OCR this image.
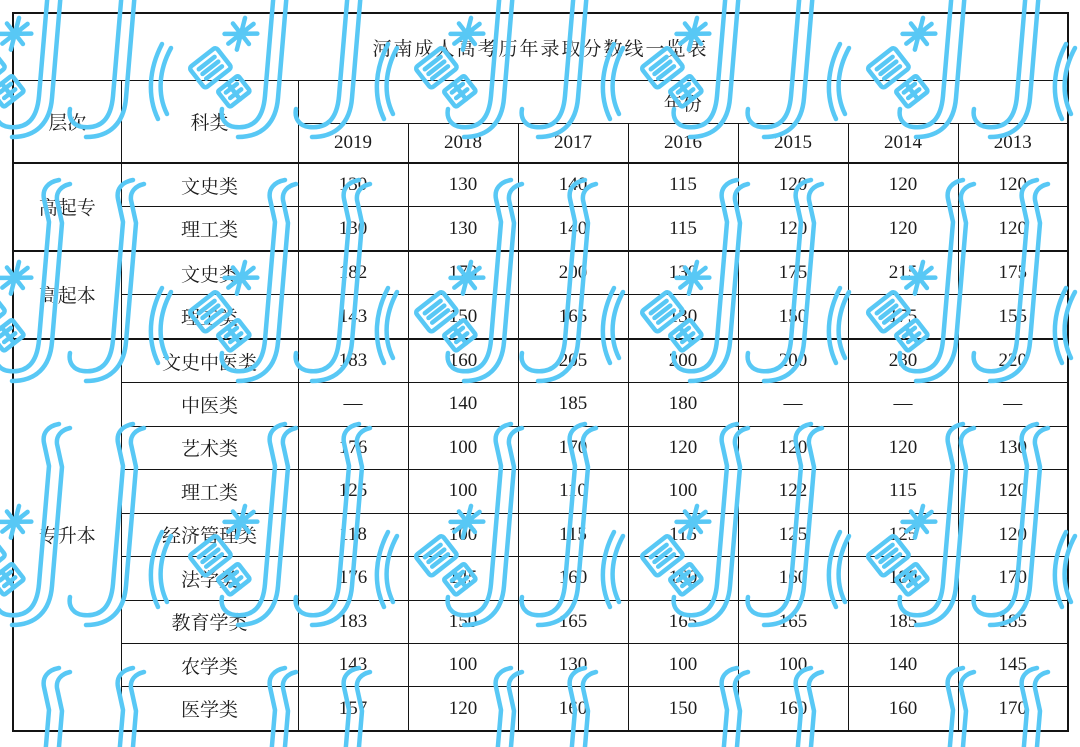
河南成人高考历年录取分数线一览表								
层次	科类	年份						
		2019	2018	2017	2016	2015	2014	2013
高起专	文史类	130	130	140	115	120	120	120
	理工类	130	130	140	115	120	120	120
高起本	文史类	182	170	200	130	175	215	175
	理工类	143	150	165	130	150	175	155
专升本	文史中医类	183	160	205	200	200	230	220
	中医类	—	140	185	180	—	—	—
	艺术类	176	100	170	120	120	120	130
	理工类	125	100	110	100	122	115	120
	经济管理类	118	100	115	115	125	125	120
	法学类	176	145	160	160	160	180	170
	教育学类	183	150	165	165	165	185	185
	农学类	143	100	130	100	100	140	145
	医学类	157	120	160	150	160	160	170
